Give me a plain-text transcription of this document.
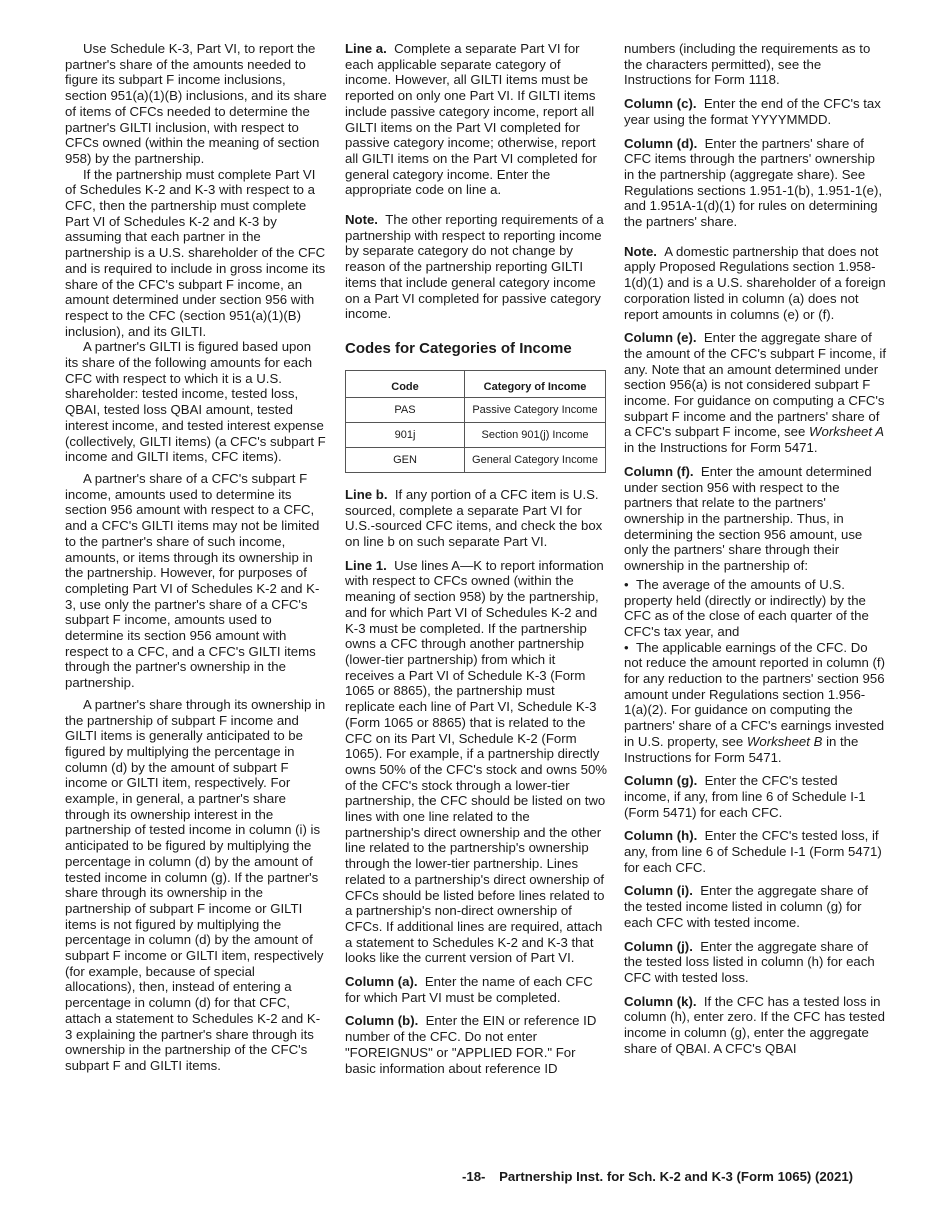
Use Schedule K-3, Part VI, to report the partner's share of the amounts needed to figure its subpart F income inclusions, section 951(a)(1)(B) inclusions, and its share of items of CFCs needed to determine the partner's GILTI inclusion, with respect to CFCs owned (within the meaning of section 958) by the partnership.

If the partnership must complete Part VI of Schedules K-2 and K-3 with respect to a CFC, then the partnership must complete Part VI of Schedules K-2 and K-3 by assuming that each partner in the partnership is a U.S. shareholder of the CFC and is required to include in gross income its share of the CFC's subpart F income, an amount determined under section 956 with respect to the CFC (section 951(a)(1)(B) inclusion), and its GILTI.

A partner's GILTI is figured based upon its share of the following amounts for each CFC with respect to which it is a U.S. shareholder: tested income, tested loss, QBAI, tested loss QBAI amount, tested interest income, and tested interest expense (collectively, GILTI items) (a CFC's subpart F income and GILTI items, CFC items).

A partner's share of a CFC's subpart F income, amounts used to determine its section 956 amount with respect to a CFC, and a CFC's GILTI items may not be limited to the partner's share of such income, amounts, or items through its ownership in the partnership. However, for purposes of completing Part VI of Schedules K-2 and K-3, use only the partner's share of a CFC's subpart F income, amounts used to determine its section 956 amount with respect to a CFC, and a CFC's GILTI items through the partner's ownership in the partnership.

A partner's share through its ownership in the partnership of subpart F income and GILTI items is generally anticipated to be figured by multiplying the percentage in column (d) by the amount of subpart F income or GILTI item, respectively. For example, in general, a partner's share through its ownership interest in the partnership of tested income in column (i) is anticipated to be figured by multiplying the percentage in column (d) by the amount of tested income in column (g). If the partner's share through its ownership in the partnership of subpart F income or GILTI items is not figured by multiplying the percentage in column (d) by the amount of subpart F income or GILTI item, respectively (for example, because of special allocations), then, instead of entering a percentage in column (d) for that CFC, attach a statement to Schedules K-2 and K-3 explaining the partner's share through its ownership in the partnership of the CFC's subpart F and GILTI items.

Line a. Complete a separate Part VI for each applicable separate category of income. However, all GILTI items must be reported on only one Part VI. If GILTI items include passive category income, report all GILTI items on the Part VI completed for passive category income; otherwise, report all GILTI items on the Part VI completed for general category income. Enter the appropriate code on line a.

Note. The other reporting requirements of a partnership with respect to reporting income by separate category do not change by reason of the partnership reporting GILTI items that include general category income on a Part VI completed for passive category income.

Codes for Categories of Income
Code	Category of Income
PAS	Passive Category Income
901j	Section 901(j) Income
GEN	General Category Income

Line b. If any portion of a CFC item is U.S. sourced, complete a separate Part VI for U.S.-sourced CFC items, and check the box on line b on such separate Part VI.

Line 1. Use lines A—K to report information with respect to CFCs owned (within the meaning of section 958) by the partnership, and for which Part VI of Schedules K-2 and K-3 must be completed. If the partnership owns a CFC through another partnership (lower-tier partnership) from which it receives a Part VI of Schedule K-3 (Form 1065 or 8865), the partnership must replicate each line of Part VI, Schedule K-3 (Form 1065 or 8865) that is related to the CFC on its Part VI, Schedule K-2 (Form 1065). For example, if a partnership directly owns 50% of the CFC's stock and owns 50% of the CFC's stock through a lower-tier partnership, the CFC should be listed on two lines with one line related to the partnership's direct ownership and the other line related to the partnership's ownership through the lower-tier partnership. Lines related to a partnership's direct ownership of CFCs should be listed before lines related to a partnership's non-direct ownership of CFCs. If additional lines are required, attach a statement to Schedules K-2 and K-3 that looks like the current version of Part VI.

Column (a). Enter the name of each CFC for which Part VI must be completed.

Column (b). Enter the EIN or reference ID number of the CFC. Do not enter "FOREIGNUS" or "APPLIED FOR." For basic information about reference ID

numbers (including the requirements as to the characters permitted), see the Instructions for Form 1118.

Column (c). Enter the end of the CFC's tax year using the format YYYYMMDD.

Column (d). Enter the partners' share of CFC items through the partners' ownership in the partnership (aggregate share). See Regulations sections 1.951-1(b), 1.951-1(e), and 1.951A-1(d)(1) for rules on determining the partners' share.

Note. A domestic partnership that does not apply Proposed Regulations section 1.958-1(d)(1) and is a U.S. shareholder of a foreign corporation listed in column (a) does not report amounts in columns (e) or (f).

Column (e). Enter the aggregate share of the amount of the CFC's subpart F income, if any. Note that an amount determined under section 956(a) is not considered subpart F income. For guidance on computing a CFC's subpart F income and the partners' share of a CFC's subpart F income, see Worksheet A in the Instructions for Form 5471.

Column (f). Enter the amount determined under section 956 with respect to the partners that relate to the partners' ownership in the partnership. Thus, in determining the section 956 amount, use only the partners' share through their ownership in the partnership of:

• The average of the amounts of U.S. property held (directly or indirectly) by the CFC as of the close of each quarter of the CFC's tax year, and

• The applicable earnings of the CFC. Do not reduce the amount reported in column (f) for any reduction to the partners' section 956 amount under Regulations section 1.956-1(a)(2). For guidance on computing the partners' share of a CFC's earnings invested in U.S. property, see Worksheet B in the Instructions for Form 5471.

Column (g). Enter the CFC's tested income, if any, from line 6 of Schedule I-1 (Form 5471) for each CFC.

Column (h). Enter the CFC's tested loss, if any, from line 6 of Schedule I-1 (Form 5471) for each CFC.

Column (i). Enter the aggregate share of the tested income listed in column (g) for each CFC with tested income.

Column (j). Enter the aggregate share of the tested loss listed in column (h) for each CFC with tested loss.

Column (k). If the CFC has a tested loss in column (h), enter zero. If the CFC has tested income in column (g), enter the aggregate share of QBAI. A CFC's QBAI

-18- Partnership Inst. for Sch. K-2 and K-3 (Form 1065) (2021)
